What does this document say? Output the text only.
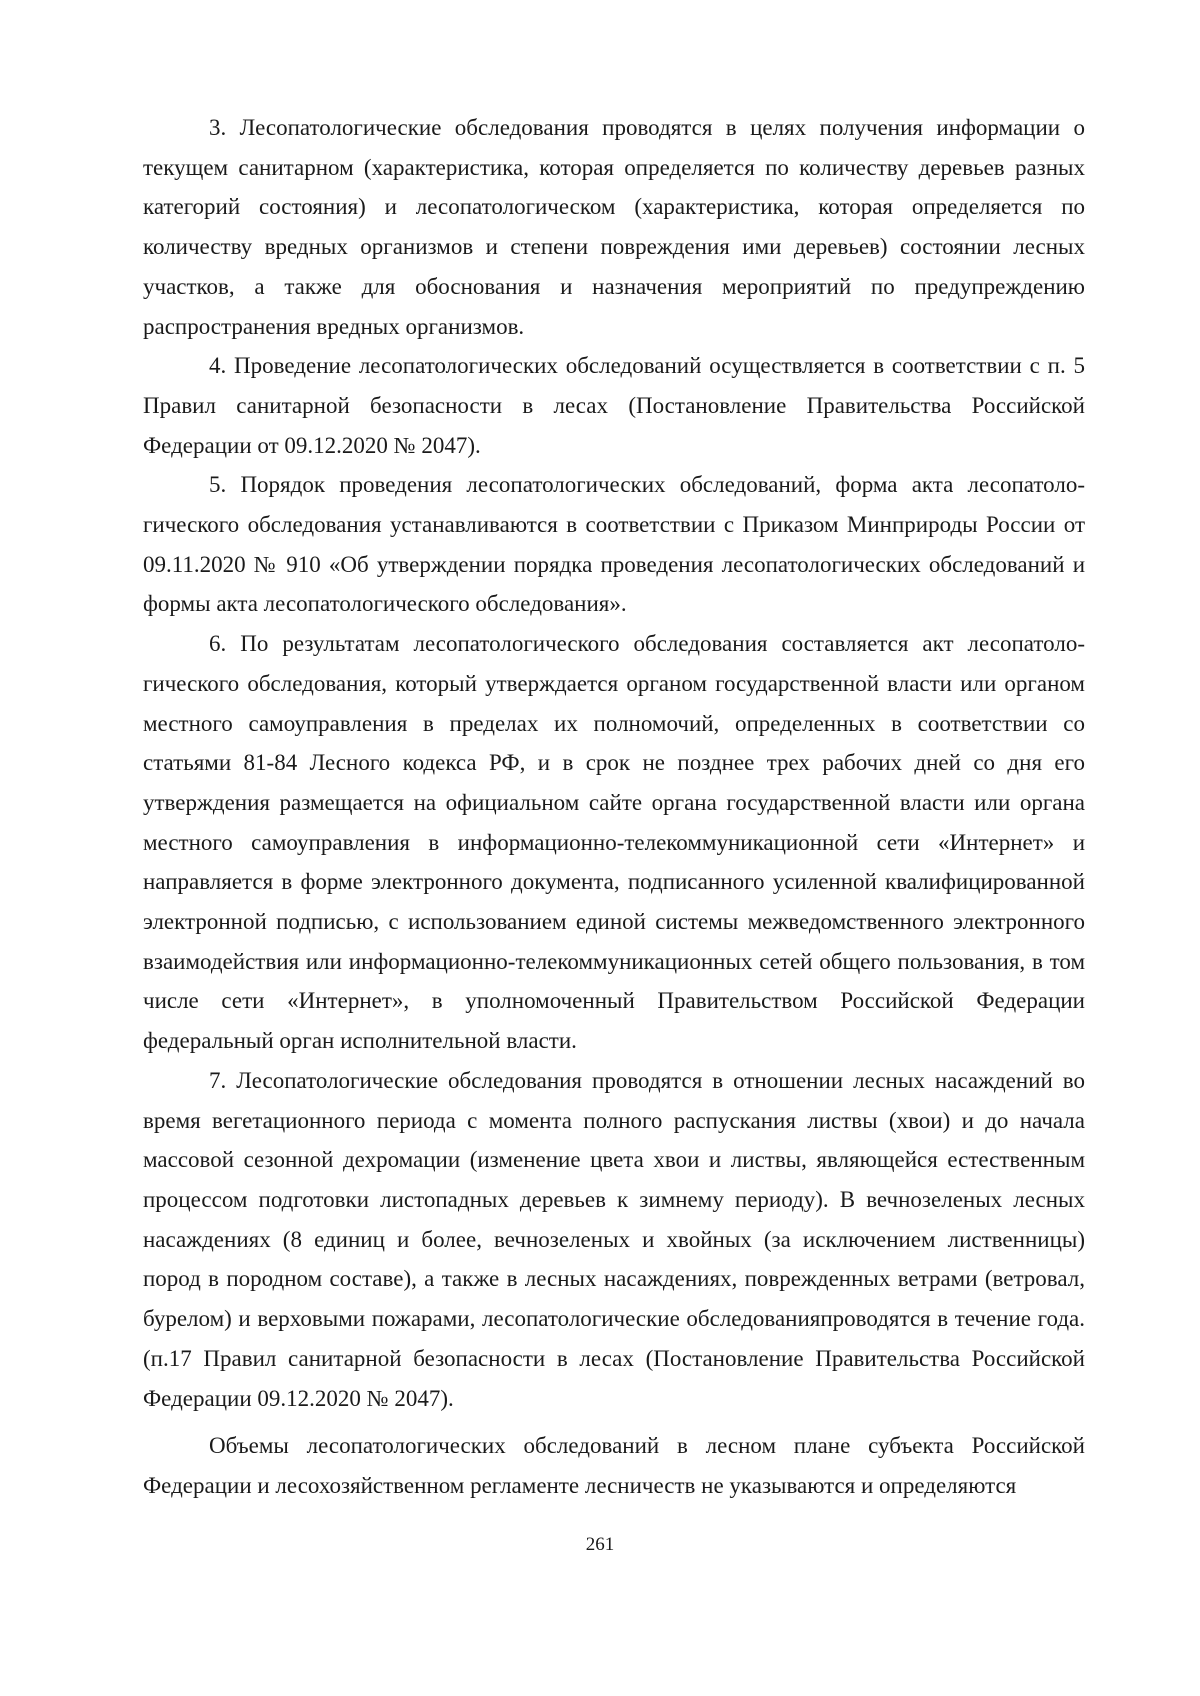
3. Лесопатологические обследования проводятся в целях получения информации о текущем санитарном (характеристика, которая определяется по количеству деревьев разных категорий состояния) и лесопатологическом (характеристика, которая определяется по количеству вредных организмов и степени повреждения ими деревьев) состоянии лесных участков, а также для обоснования и назначения мероприятий по предупреждению распространения вредных организмов.

4. Проведение лесопатологических обследований осуществляется в соответствии с п. 5 Правил санитарной безопасности в лесах (Постановление Правительства Российской Федерации от 09.12.2020 № 2047).

5. Порядок проведения лесопатологических обследований, форма акта лесопатологического обследования устанавливаются в соответствии с Приказом Минприроды России от 09.11.2020 № 910 «Об утверждении порядка проведения лесопатологических обследований и формы акта лесопатологического обследования».

6. По результатам лесопатологического обследования составляется акт лесопатологического обследования, который утверждается органом государственной власти или органом местного самоуправления в пределах их полномочий, определенных в соответствии со статьями 81-84 Лесного кодекса РФ, и в срок не позднее трех рабочих дней со дня его утверждения размещается на официальном сайте органа государственной власти или органа местного самоуправления в информационно-телекоммуникационной сети «Интернет» и направляется в форме электронного документа, подписанного усиленной квалифицированной электронной подписью, с использованием единой системы межведомственного электронного взаимодействия или информационно-телекоммуникационных сетей общего пользования, в том числе сети «Интернет», в уполномоченный Правительством Российской Федерации федеральный орган исполнительной власти.

7. Лесопатологические обследования проводятся в отношении лесных насаждений во время вегетационного периода с момента полного распускания листвы (хвои) и до начала массовой сезонной дехромации (изменение цвета хвои и листвы, являющейся естественным процессом подготовки листопадных деревьев к зимнему периоду). В вечнозеленых лесных насаждениях (8 единиц и более, вечнозеленых и хвойных (за исключением лиственницы) пород в породном составе), а также в лесных насаждениях, поврежденных ветрами (ветровал, бурелом) и верховыми пожарами, лесопатологические обследованияпроводятся в течение года. (п.17 Правил санитарной безопасности в лесах (Постановление Правительства Российской Федерации 09.12.2020 № 2047).

Объемы лесопатологических обследований в лесном плане субъекта Российской Федерации и лесохозяйственном регламенте лесничеств не указываются и определяются

261
